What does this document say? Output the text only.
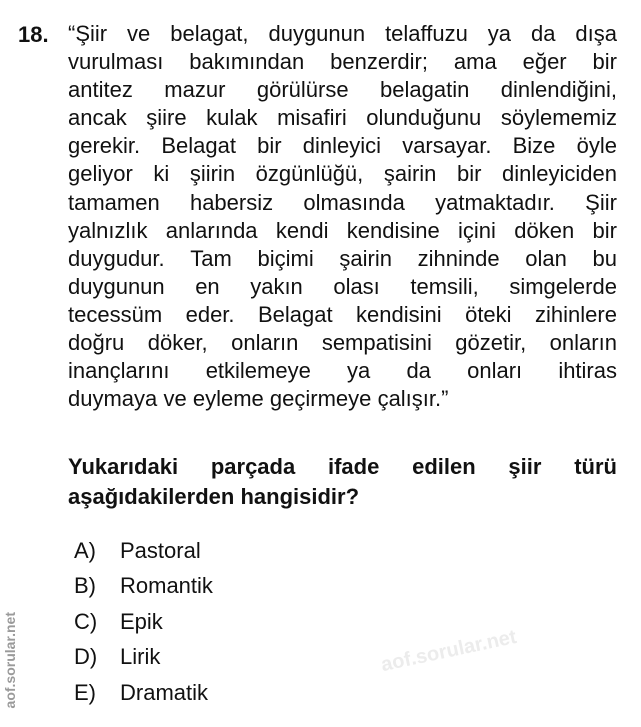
18. “Şiir ve belagat, duygunun telaffuzu ya da dışa
vurulması bakımından benzerdir; ama eğer bir
antitez mazur görülürse belagatin dinlendiğini,
ancak şiire kulak misafiri olunduğunu söylememiz
gerekir. Belagat bir dinleyici varsayar. Bize öyle
geliyor ki şiirin özgünlüğü, şairin bir dinleyiciden
tamamen habersiz olmasında yatmaktadır. Şiir
yalnızlık anlarında kendi kendisine içini döken bir
duygudur. Tam biçimi şairin zihninde olan bu
duygunun en yakın olası temsili, simgelerde
tecessüm eder. Belagat kendisini öteki zihinlere
doğru döker, onların sempatisini gözetir, onların
inançlarını etkilemeye ya da onları ihtiras
duymaya ve eyleme geçirmeye çalışır.”
Yukarıdaki parçada ifade edilen şiir türü
aşağıdakilerden hangisidir?
A)	Pastoral
B)	Romantik
C)	Epik
D)	Lirik
E)	Dramatik
aof.sorular.net
aof.sorular.net
